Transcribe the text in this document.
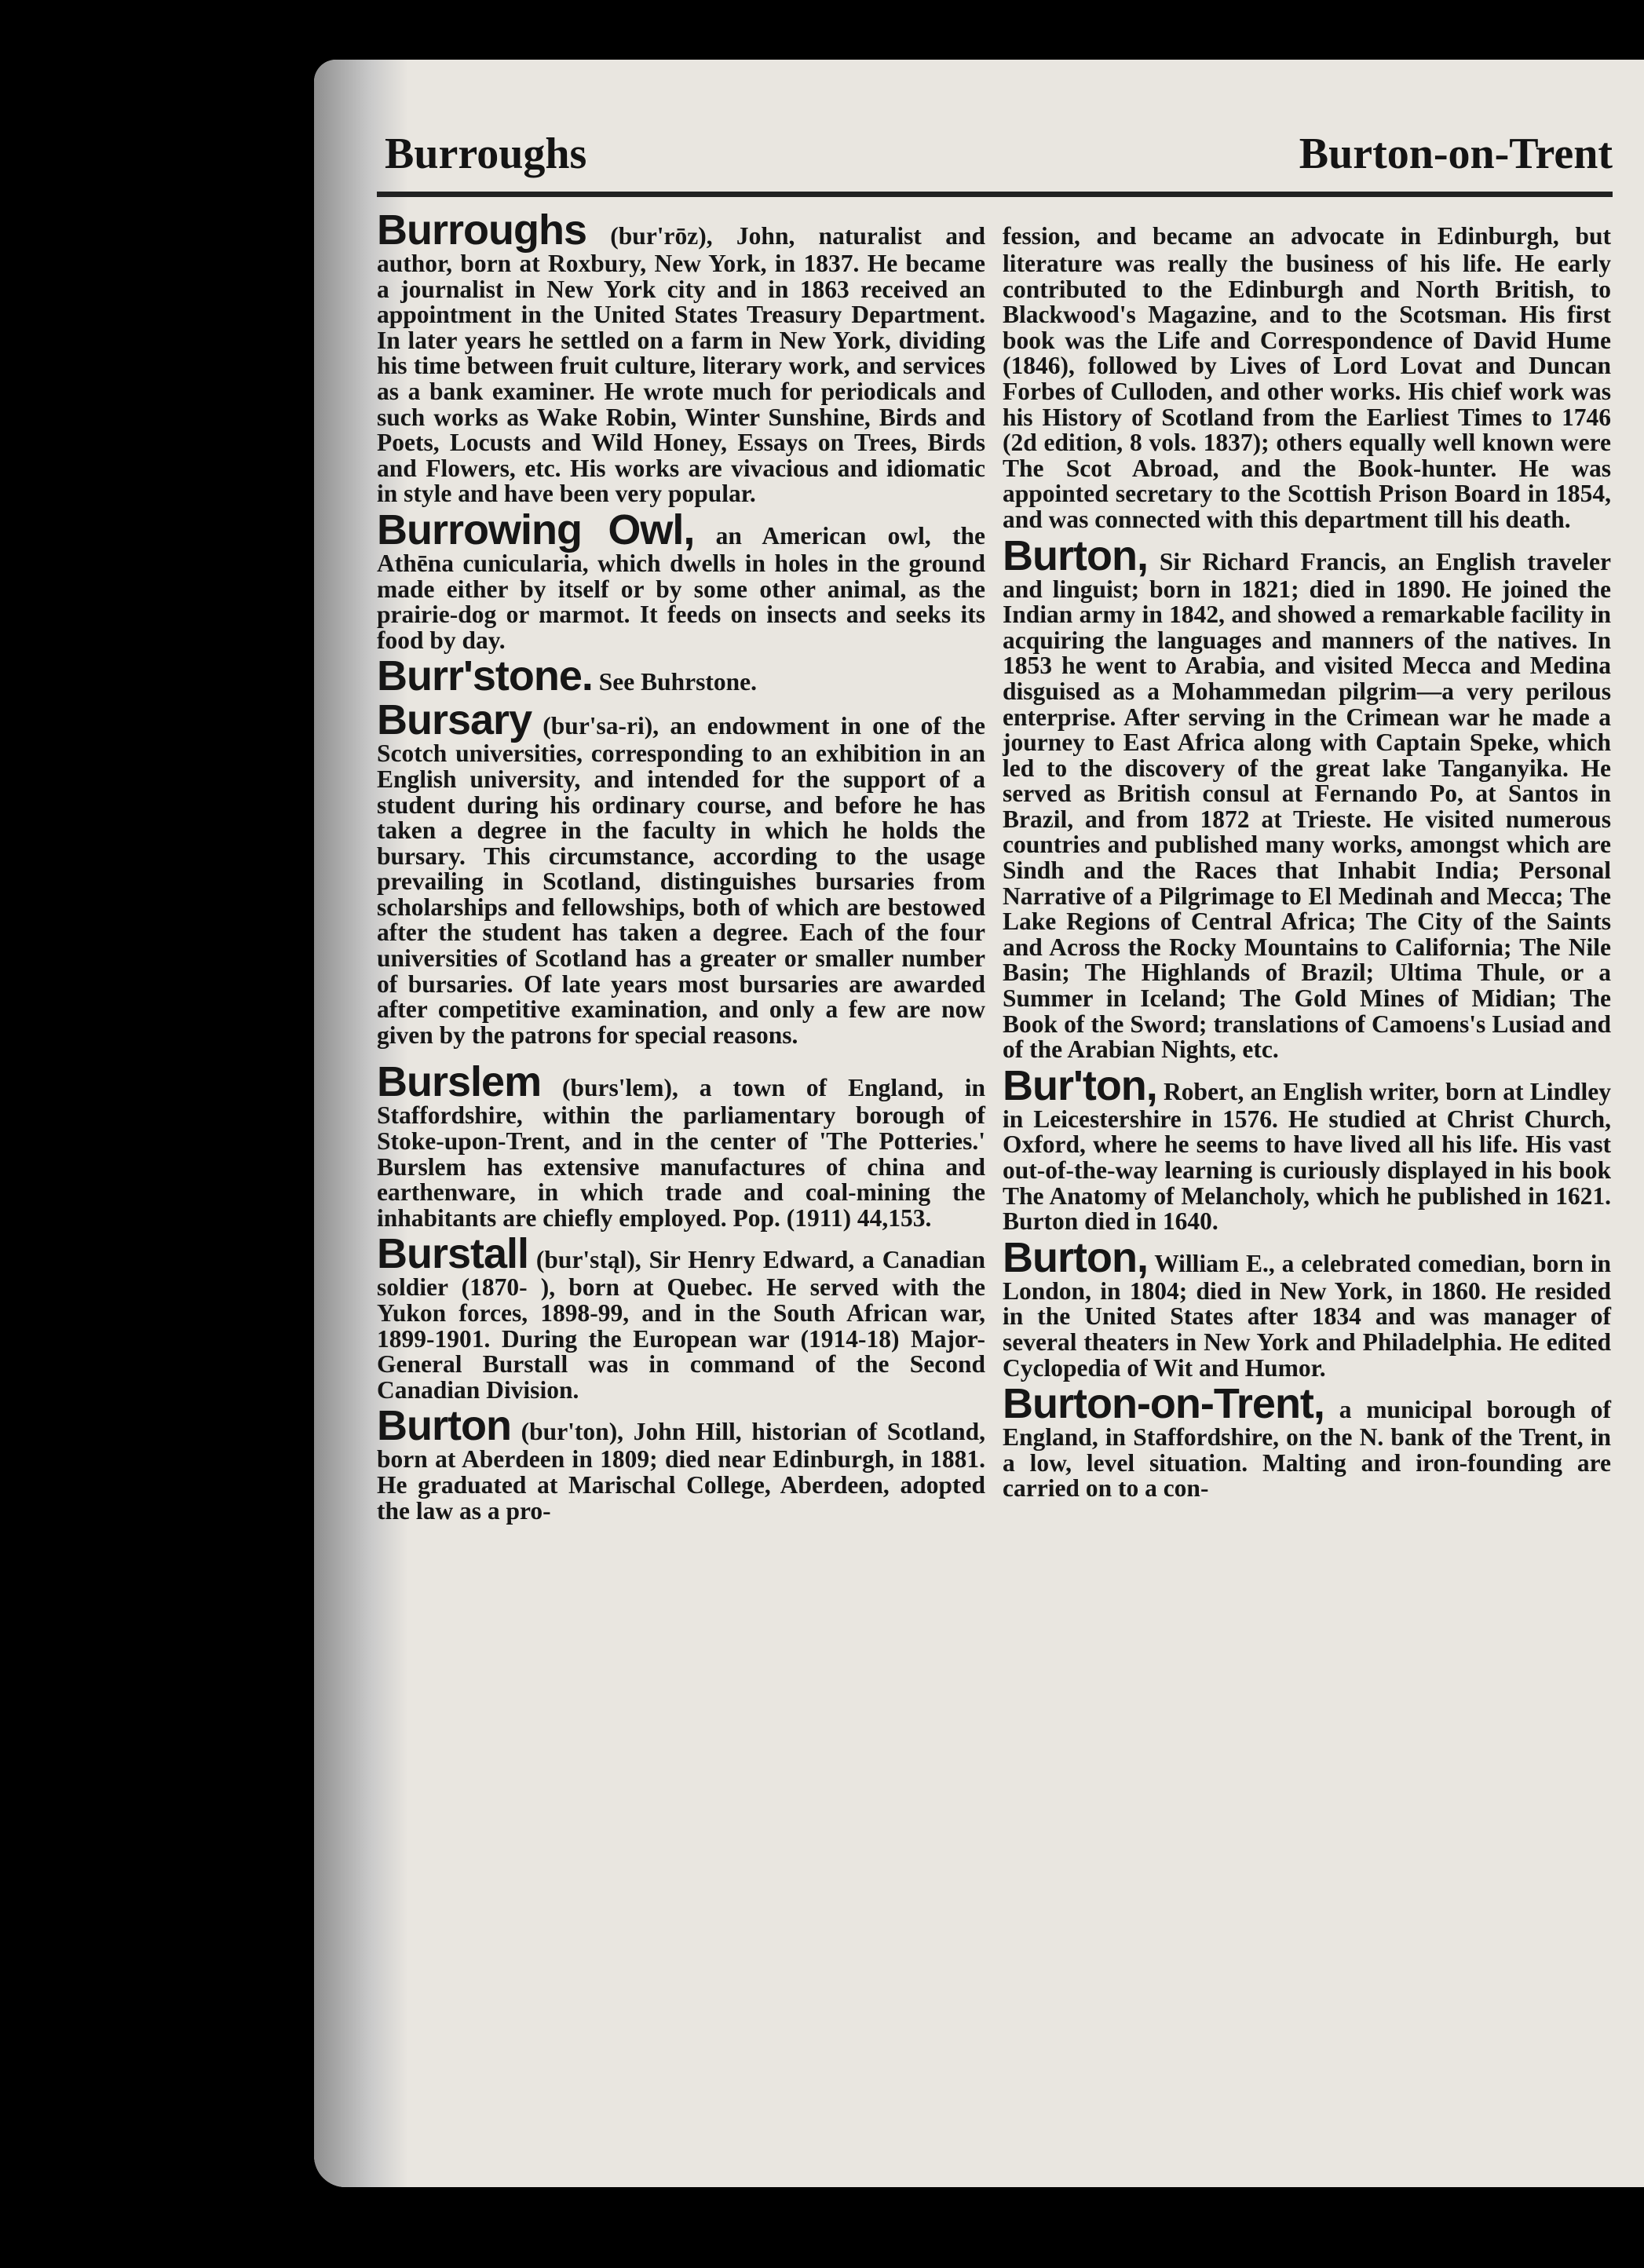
Burroughs	Burton-on-Trent

Burroughs (bur'rōz), John, naturalist and author, born at Roxbury, New York, in 1837. He became a journalist in New York city and in 1863 received an appointment in the United States Treasury Department. In later years he settled on a farm in New York, dividing his time between fruit culture, literary work, and services as a bank examiner. He wrote much for periodicals and such works as Wake Robin, Winter Sunshine, Birds and Poets, Locusts and Wild Honey, Essays on Trees, Birds and Flowers, etc. His works are vivacious and idiomatic in style and have been very popular.

Burrowing Owl, an American owl, the Athēna cunicularia, which dwells in holes in the ground made either by itself or by some other animal, as the prairie-dog or marmot. It feeds on insects and seeks its food by day.

Burr'stone. See Buhrstone.

Bursary (bur'sa-ri), an endowment in one of the Scotch universities, corresponding to an exhibition in an English university, and intended for the support of a student during his ordinary course, and before he has taken a degree in the faculty in which he holds the bursary. This circumstance, according to the usage prevailing in Scotland, distinguishes bursaries from scholarships and fellowships, both of which are bestowed after the student has taken a degree. Each of the four universities of Scotland has a greater or smaller number of bursaries. Of late years most bursaries are awarded after competitive examination, and only a few are now given by the patrons for special reasons.

Burslem (burs'lem), a town of England, in Staffordshire, within the parliamentary borough of Stoke-upon-Trent, and in the center of 'The Potteries.' Burslem has extensive manufactures of china and earthenware, in which trade and coal-mining the inhabitants are chiefly employed. Pop. (1911) 44,153.

Burstall (bur'stąl), Sir Henry Edward, a Canadian soldier (1870- ), born at Quebec. He served with the Yukon forces, 1898-99, and in the South African war, 1899-1901. During the European war (1914-18) Major-General Burstall was in command of the Second Canadian Division.

Burton (bur'ton), John Hill, historian of Scotland, born at Aberdeen in 1809; died near Edinburgh, in 1881. He graduated at Marischal College, Aberdeen, adopted the law as a pro-

fession, and became an advocate in Edinburgh, but literature was really the business of his life. He early contributed to the Edinburgh and North British, to Blackwood's Magazine, and to the Scotsman. His first book was the Life and Correspondence of David Hume (1846), followed by Lives of Lord Lovat and Duncan Forbes of Culloden, and other works. His chief work was his History of Scotland from the Earliest Times to 1746 (2d edition, 8 vols. 1837); others equally well known were The Scot Abroad, and the Book-hunter. He was appointed secretary to the Scottish Prison Board in 1854, and was connected with this department till his death.

Burton, Sir Richard Francis, an English traveler and linguist; born in 1821; died in 1890. He joined the Indian army in 1842, and showed a remarkable facility in acquiring the languages and manners of the natives. In 1853 he went to Arabia, and visited Mecca and Medina disguised as a Mohammedan pilgrim—a very perilous enterprise. After serving in the Crimean war he made a journey to East Africa along with Captain Speke, which led to the discovery of the great lake Tanganyika. He served as British consul at Fernando Po, at Santos in Brazil, and from 1872 at Trieste. He visited numerous countries and published many works, amongst which are Sindh and the Races that Inhabit India; Personal Narrative of a Pilgrimage to El Medinah and Mecca; The Lake Regions of Central Africa; The City of the Saints and Across the Rocky Mountains to California; The Nile Basin; The Highlands of Brazil; Ultima Thule, or a Summer in Iceland; The Gold Mines of Midian; The Book of the Sword; translations of Camoens's Lusiad and of the Arabian Nights, etc.

Bur'ton, Robert, an English writer, born at Lindley in Leicestershire in 1576. He studied at Christ Church, Oxford, where he seems to have lived all his life. His vast out-of-the-way learning is curiously displayed in his book The Anatomy of Melancholy, which he published in 1621. Burton died in 1640.

Burton, William E., a celebrated comedian, born in London, in 1804; died in New York, in 1860. He resided in the United States after 1834 and was manager of several theaters in New York and Philadelphia. He edited Cyclopedia of Wit and Humor.

Burton-on-Trent, a municipal borough of England, in Staffordshire, on the N. bank of the Trent, in a low, level situation. Malting and iron-founding are carried on to a con-
